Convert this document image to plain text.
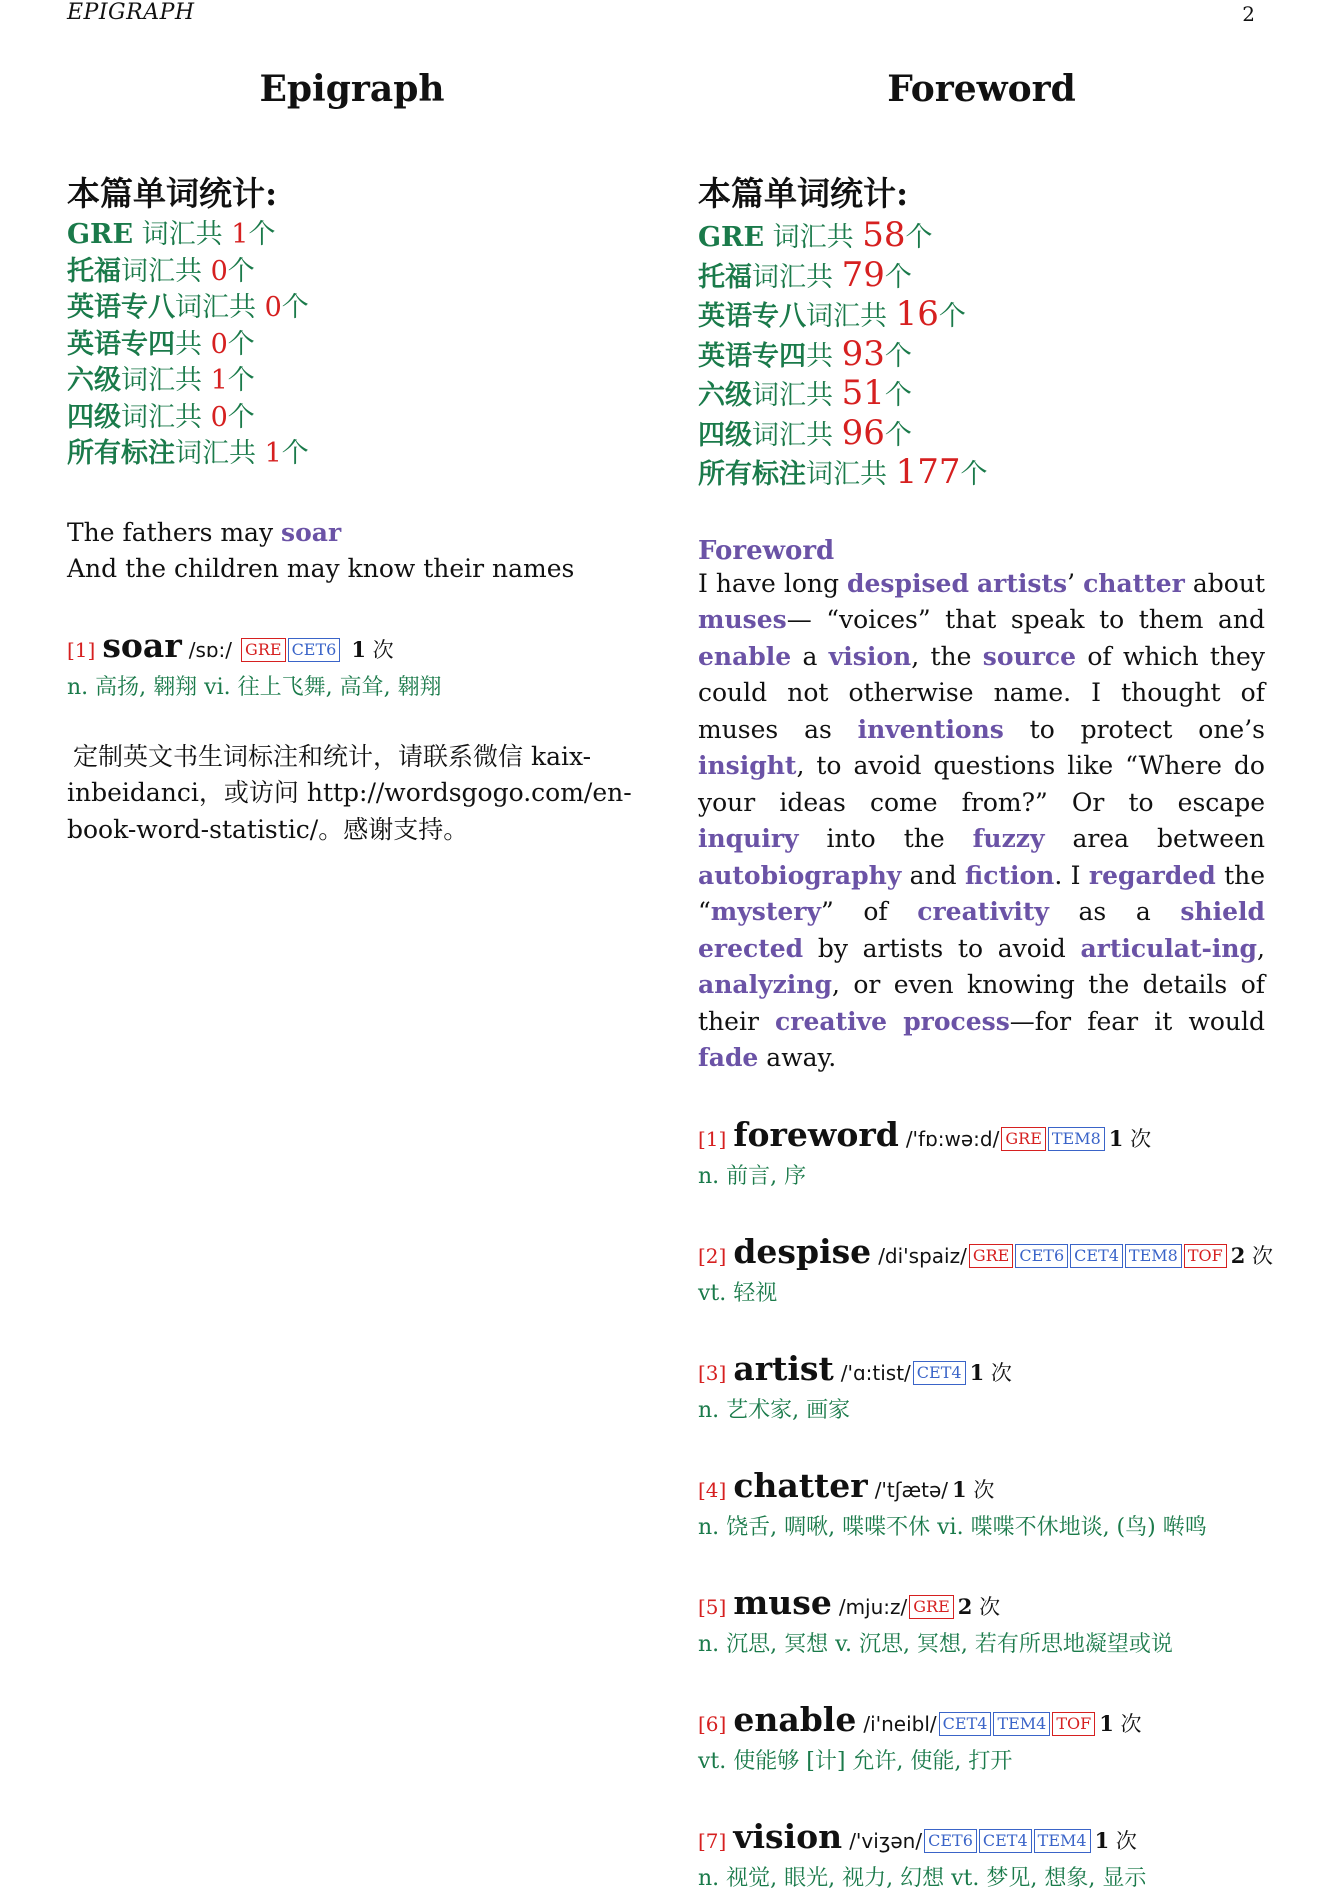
EPIGRAPH	2
Epigraph
本篇单词统计:
GRE 词汇共 1个
托福词汇共 0个
英语专八词汇共 0个
英语专四共 0个
六级词汇共 1个
四级词汇共 0个
所有标注词汇共 1个
The fathers may soar
And the children may know their names
[1] soar /sɒ:/ GRE CET6 1 次
n. 高扬, 翱翔 vi. 往上飞舞, 高耸, 翱翔
定制英文书生词标注和统计，请联系微信 kaix-inbeidanci，或访问 http://wordsgogo.com/en-book-word-statistic/。感谢支持。
Foreword
本篇单词统计:
GRE 词汇共 58个
托福词汇共 79个
英语专八词汇共 16个
英语专四共 93个
六级词汇共 51个
四级词汇共 96个
所有标注词汇共 177个
Foreword
I have long despised artists’ chatter about muses— “voices” that speak to them and enable a vision, the source of which they could not otherwise name. I thought of muses as inventions to protect one’s insight, to avoid questions like “Where do your ideas come from?” Or to escape inquiry into the fuzzy area between autobiography and fiction. I regarded the “mystery” of creativity as a shield erected by artists to avoid articulat-ing, analyzing, or even knowing the details of their creative process—for fear it would fade away.
[1] foreword /'fɒ:wə:d/ GRE TEM8 1 次
n. 前言, 序
[2] despise /di'spaiz/ GRE CET6 CET4 TEM8 TOF 2 次
vt. 轻视
[3] artist /'ɑ:tist/ CET4 1 次
n. 艺术家, 画家
[4] chatter /'tʃætə/ 1 次
n. 饶舌, 啁啾, 喋喋不休 vi. 喋喋不休地谈, (鸟) 啭鸣
[5] muse /mju:z/ GRE 2 次
n. 沉思, 冥想 v. 沉思, 冥想, 若有所思地凝望或说
[6] enable /i'neibl/ CET4 TEM4 TOF 1 次
vt. 使能够 [计] 允许, 使能, 打开
[7] vision /'viʒən/ CET6 CET4 TEM4 1 次
n. 视觉, 眼光, 视力, 幻想 vt. 梦见, 想象, 显示
